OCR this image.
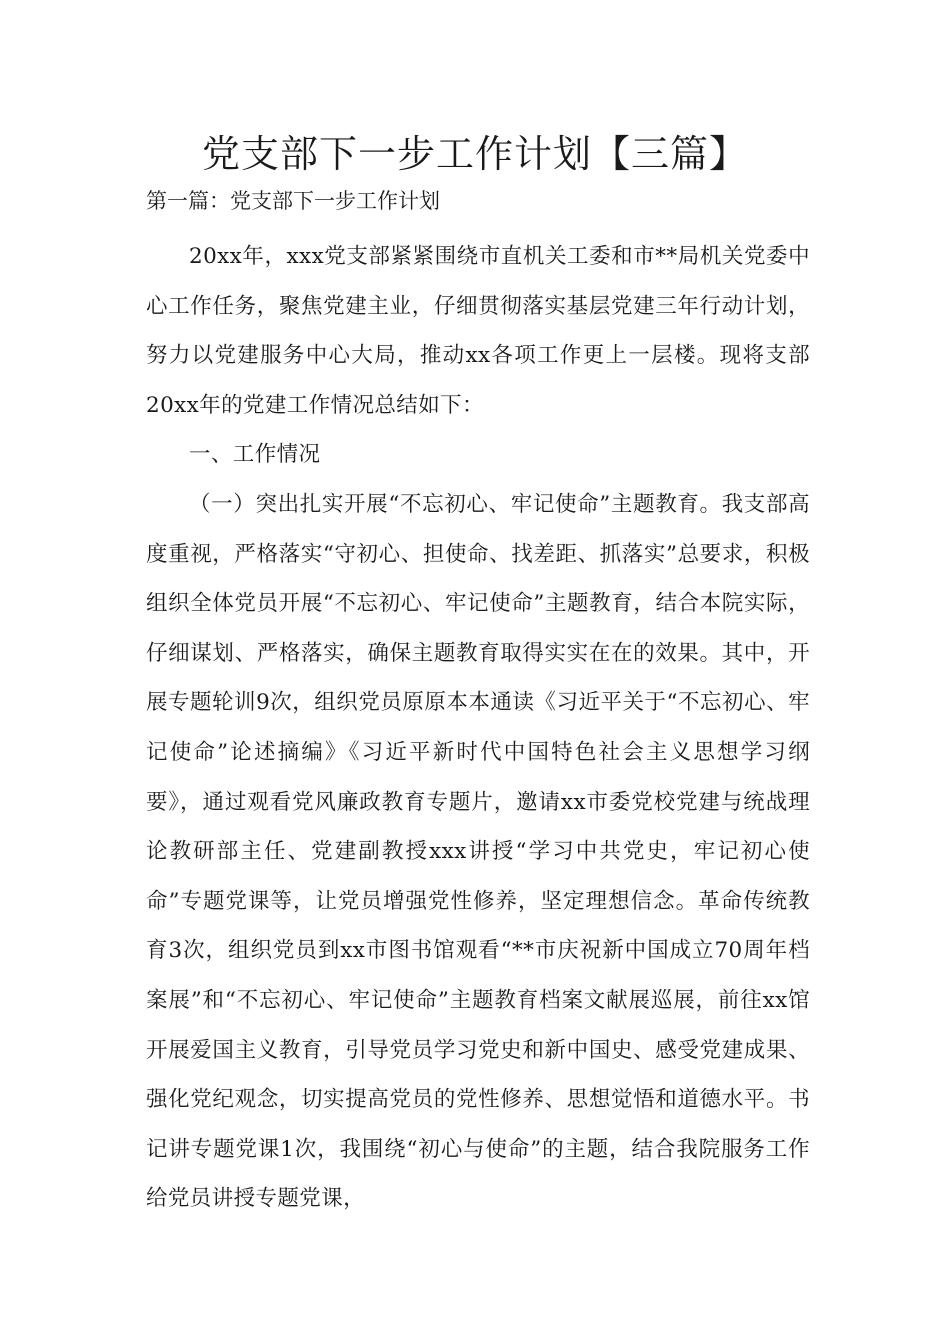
党支部下一步工作计划【三篇】

第一篇：党支部下一步工作计划

20xx年，xxx党支部紧紧围绕市直机关工委和市**局机关党委中心工作任务，聚焦党建主业，仔细贯彻落实基层党建三年行动计划，努力以党建服务中心大局，推动xx各项工作更上一层楼。现将支部20xx年的党建工作情况总结如下：

一、工作情况

（一）突出扎实开展“不忘初心、牢记使命”主题教育。我支部高度重视，严格落实“守初心、担使命、找差距、抓落实”总要求，积极组织全体党员开展“不忘初心、牢记使命”主题教育，结合本院实际，仔细谋划、严格落实，确保主题教育取得实实在在的效果。其中，开展专题轮训9次，组织党员原原本本通读《习近平关于“不忘初心、牢记使命”论述摘编》《习近平新时代中国特色社会主义思想学习纲要》，通过观看党风廉政教育专题片，邀请xx市委党校党建与统战理论教研部主任、党建副教授xxx讲授“学习中共党史，牢记初心使命”专题党课等，让党员增强党性修养，坚定理想信念。革命传统教育3次，组织党员到xx市图书馆观看“**市庆祝新中国成立70周年档案展”和“不忘初心、牢记使命”主题教育档案文献展巡展，前往xx馆开展爱国主义教育，引导党员学习党史和新中国史、感受党建成果、强化党纪观念，切实提高党员的党性修养、思想觉悟和道德水平。书记讲专题党课1次，我围绕“初心与使命”的主题，结合我院服务工作给党员讲授专题党课，
